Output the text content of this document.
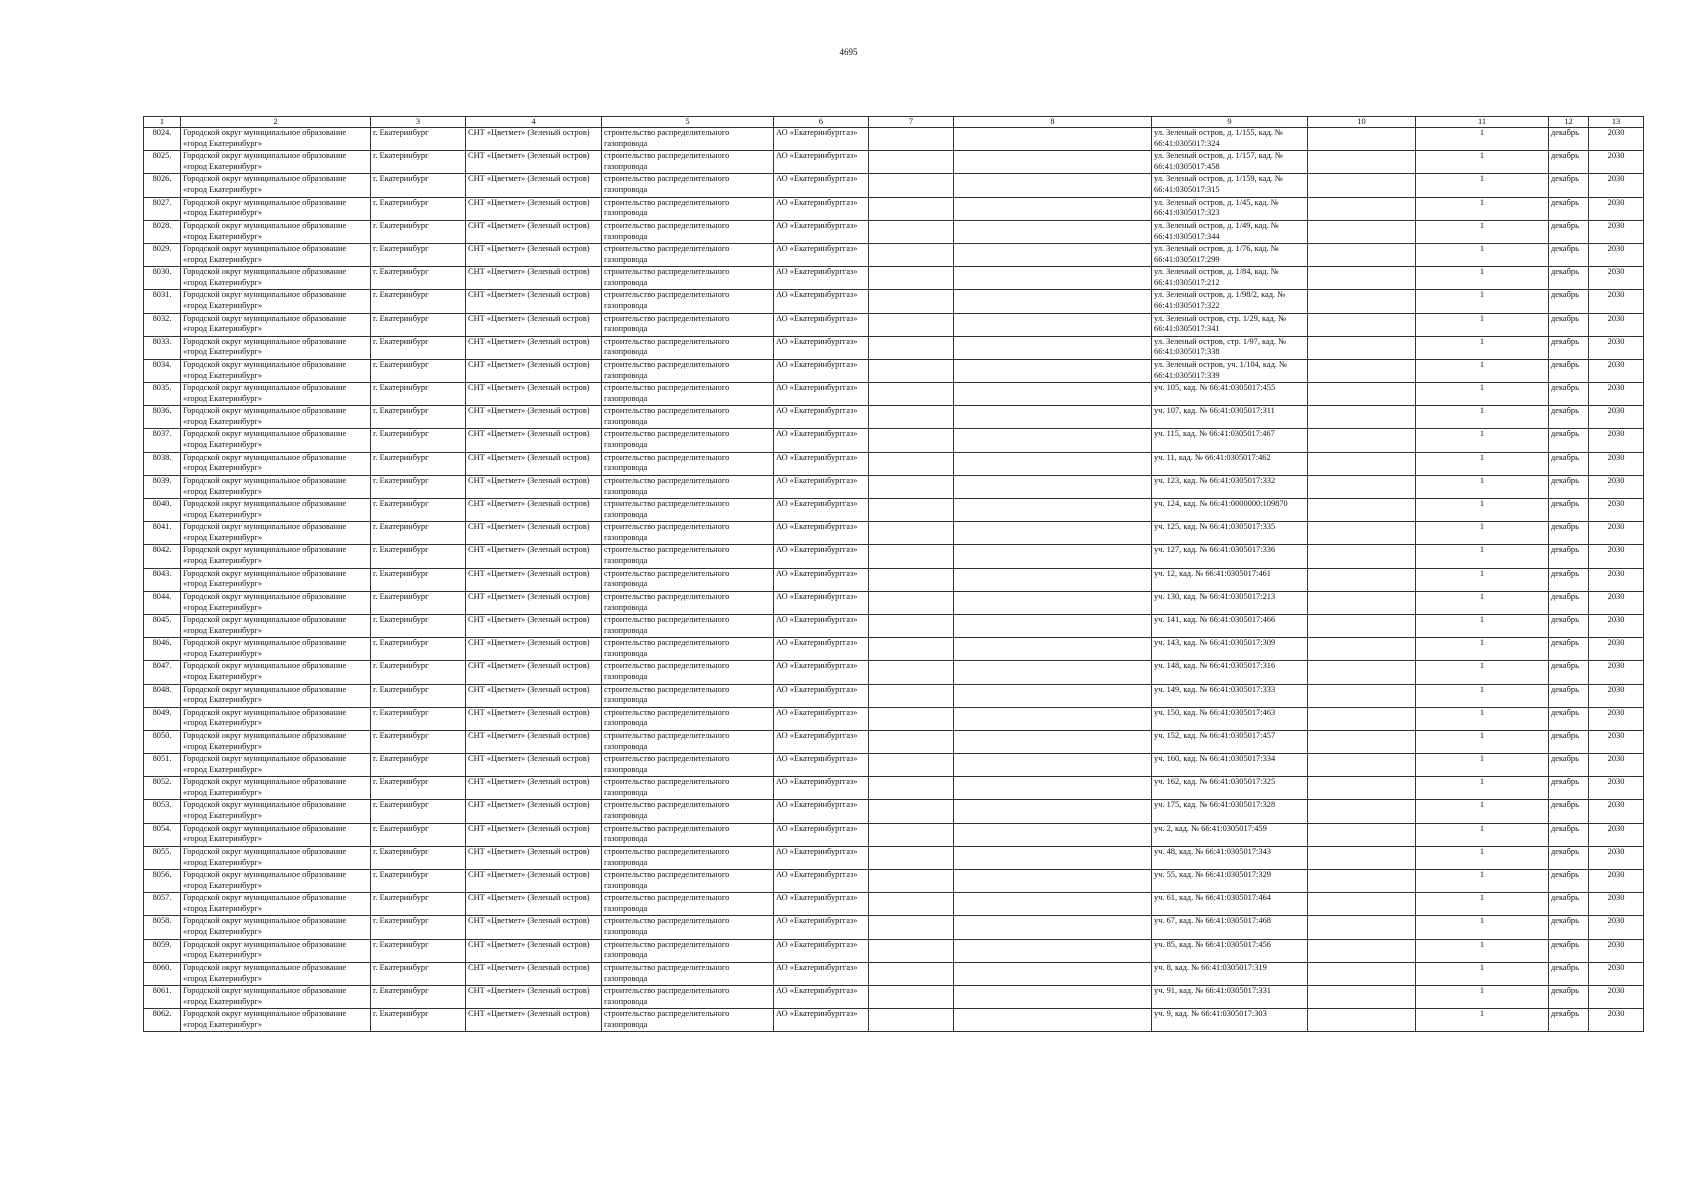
4695
1	2	3	4	5	6	7	8	9	10	11	12	13
8024.	Городской округ муниципальное образование «город Екатеринбург»	г. Екатеринбург	СНТ «Цветмет» (Зеленый остров)	строительство распределительного газопровода	АО «Екатеринбурггаз»			ул. Зеленый остров, д. 1/155, кад. № 66:41:0305017:324		1	декабрь	2030
8025.	Городской округ муниципальное образование «город Екатеринбург»	г. Екатеринбург	СНТ «Цветмет» (Зеленый остров)	строительство распределительного газопровода	АО «Екатеринбурггаз»			ул. Зеленый остров, д. 1/157, кад. № 66:41:0305017:458		1	декабрь	2030
8026.	Городской округ муниципальное образование «город Екатеринбург»	г. Екатеринбург	СНТ «Цветмет» (Зеленый остров)	строительство распределительного газопровода	АО «Екатеринбурггаз»			ул. Зеленый остров, д. 1/159, кад. № 66:41:0305017:315		1	декабрь	2030
8027.	Городской округ муниципальное образование «город Екатеринбург»	г. Екатеринбург	СНТ «Цветмет» (Зеленый остров)	строительство распределительного газопровода	АО «Екатеринбурггаз»			ул. Зеленый остров, д. 1/45, кад. № 66:41:0305017:323		1	декабрь	2030
8028.	Городской округ муниципальное образование «город Екатеринбург»	г. Екатеринбург	СНТ «Цветмет» (Зеленый остров)	строительство распределительного газопровода	АО «Екатеринбурггаз»			ул. Зеленый остров, д. 1/49, кад. № 66:41:0305017:344		1	декабрь	2030
8029.	Городской округ муниципальное образование «город Екатеринбург»	г. Екатеринбург	СНТ «Цветмет» (Зеленый остров)	строительство распределительного газопровода	АО «Екатеринбурггаз»			ул. Зеленый остров, д. 1/76, кад. № 66:41:0305017:299		1	декабрь	2030
8030.	Городской округ муниципальное образование «город Екатеринбург»	г. Екатеринбург	СНТ «Цветмет» (Зеленый остров)	строительство распределительного газопровода	АО «Екатеринбурггаз»			ул. Зеленый остров, д. 1/84, кад. № 66:41:0305017:212		1	декабрь	2030
8031.	Городской округ муниципальное образование «город Екатеринбург»	г. Екатеринбург	СНТ «Цветмет» (Зеленый остров)	строительство распределительного газопровода	АО «Екатеринбурггаз»			ул. Зеленый остров, д. 1/98/2, кад. № 66:41:0305017:322		1	декабрь	2030
8032.	Городской округ муниципальное образование «город Екатеринбург»	г. Екатеринбург	СНТ «Цветмет» (Зеленый остров)	строительство распределительного газопровода	АО «Екатеринбурггаз»			ул. Зеленый остров, стр. 1/29, кад. № 66:41:0305017:341		1	декабрь	2030
8033.	Городской округ муниципальное образование «город Екатеринбург»	г. Екатеринбург	СНТ «Цветмет» (Зеленый остров)	строительство распределительного газопровода	АО «Екатеринбурггаз»			ул. Зеленый остров, стр. 1/97, кад. № 66:41:0305017:338		1	декабрь	2030
8034.	Городской округ муниципальное образование «город Екатеринбург»	г. Екатеринбург	СНТ «Цветмет» (Зеленый остров)	строительство распределительного газопровода	АО «Екатеринбурггаз»			ул. Зеленый остров, уч. 1/104, кад. № 66:41:0305017:339		1	декабрь	2030
8035.	Городской округ муниципальное образование «город Екатеринбург»	г. Екатеринбург	СНТ «Цветмет» (Зеленый остров)	строительство распределительного газопровода	АО «Екатеринбурггаз»			уч. 105, кад. № 66:41:0305017:455		1	декабрь	2030
8036.	Городской округ муниципальное образование «город Екатеринбург»	г. Екатеринбург	СНТ «Цветмет» (Зеленый остров)	строительство распределительного газопровода	АО «Екатеринбурггаз»			уч. 107, кад. № 66:41:0305017:311		1	декабрь	2030
8037.	Городской округ муниципальное образование «город Екатеринбург»	г. Екатеринбург	СНТ «Цветмет» (Зеленый остров)	строительство распределительного газопровода	АО «Екатеринбурггаз»			уч. 115, кад. № 66:41:0305017:467		1	декабрь	2030
8038.	Городской округ муниципальное образование «город Екатеринбург»	г. Екатеринбург	СНТ «Цветмет» (Зеленый остров)	строительство распределительного газопровода	АО «Екатеринбурггаз»			уч. 11, кад. № 66:41:0305017:462		1	декабрь	2030
8039.	Городской округ муниципальное образование «город Екатеринбург»	г. Екатеринбург	СНТ «Цветмет» (Зеленый остров)	строительство распределительного газопровода	АО «Екатеринбурггаз»			уч. 123, кад. № 66:41:0305017:332		1	декабрь	2030
8040.	Городской округ муниципальное образование «город Екатеринбург»	г. Екатеринбург	СНТ «Цветмет» (Зеленый остров)	строительство распределительного газопровода	АО «Екатеринбурггаз»			уч. 124, кад. № 66:41:0000000:109870		1	декабрь	2030
8041.	Городской округ муниципальное образование «город Екатеринбург»	г. Екатеринбург	СНТ «Цветмет» (Зеленый остров)	строительство распределительного газопровода	АО «Екатеринбурггаз»			уч. 125, кад. № 66:41:0305017:335		1	декабрь	2030
8042.	Городской округ муниципальное образование «город Екатеринбург»	г. Екатеринбург	СНТ «Цветмет» (Зеленый остров)	строительство распределительного газопровода	АО «Екатеринбурггаз»			уч. 127, кад. № 66:41:0305017:336		1	декабрь	2030
8043.	Городской округ муниципальное образование «город Екатеринбург»	г. Екатеринбург	СНТ «Цветмет» (Зеленый остров)	строительство распределительного газопровода	АО «Екатеринбурггаз»			уч. 12, кад. № 66:41:0305017:461		1	декабрь	2030
8044.	Городской округ муниципальное образование «город Екатеринбург»	г. Екатеринбург	СНТ «Цветмет» (Зеленый остров)	строительство распределительного газопровода	АО «Екатеринбурггаз»			уч. 130, кад. № 66:41:0305017:213		1	декабрь	2030
8045.	Городской округ муниципальное образование «город Екатеринбург»	г. Екатеринбург	СНТ «Цветмет» (Зеленый остров)	строительство распределительного газопровода	АО «Екатеринбурггаз»			уч. 141, кад. № 66:41:0305017:466		1	декабрь	2030
8046.	Городской округ муниципальное образование «город Екатеринбург»	г. Екатеринбург	СНТ «Цветмет» (Зеленый остров)	строительство распределительного газопровода	АО «Екатеринбурггаз»			уч. 143, кад. № 66:41:0305017:309		1	декабрь	2030
8047.	Городской округ муниципальное образование «город Екатеринбург»	г. Екатеринбург	СНТ «Цветмет» (Зеленый остров)	строительство распределительного газопровода	АО «Екатеринбурггаз»			уч. 148, кад. № 66:41:0305017:316		1	декабрь	2030
8048.	Городской округ муниципальное образование «город Екатеринбург»	г. Екатеринбург	СНТ «Цветмет» (Зеленый остров)	строительство распределительного газопровода	АО «Екатеринбурггаз»			уч. 149, кад. № 66:41:0305017:333		1	декабрь	2030
8049.	Городской округ муниципальное образование «город Екатеринбург»	г. Екатеринбург	СНТ «Цветмет» (Зеленый остров)	строительство распределительного газопровода	АО «Екатеринбурггаз»			уч. 150, кад. № 66:41:0305017:463		1	декабрь	2030
8050.	Городской округ муниципальное образование «город Екатеринбург»	г. Екатеринбург	СНТ «Цветмет» (Зеленый остров)	строительство распределительного газопровода	АО «Екатеринбурггаз»			уч. 152, кад. № 66:41:0305017:457		1	декабрь	2030
8051.	Городской округ муниципальное образование «город Екатеринбург»	г. Екатеринбург	СНТ «Цветмет» (Зеленый остров)	строительство распределительного газопровода	АО «Екатеринбурггаз»			уч. 160, кад. № 66:41:0305017:334		1	декабрь	2030
8052.	Городской округ муниципальное образование «город Екатеринбург»	г. Екатеринбург	СНТ «Цветмет» (Зеленый остров)	строительство распределительного газопровода	АО «Екатеринбурггаз»			уч. 162, кад. № 66:41:0305017:325		1	декабрь	2030
8053.	Городской округ муниципальное образование «город Екатеринбург»	г. Екатеринбург	СНТ «Цветмет» (Зеленый остров)	строительство распределительного газопровода	АО «Екатеринбурггаз»			уч. 175, кад. № 66:41:0305017:328		1	декабрь	2030
8054.	Городской округ муниципальное образование «город Екатеринбург»	г. Екатеринбург	СНТ «Цветмет» (Зеленый остров)	строительство распределительного газопровода	АО «Екатеринбурггаз»			уч. 2, кад. № 66:41:0305017:459		1	декабрь	2030
8055.	Городской округ муниципальное образование «город Екатеринбург»	г. Екатеринбург	СНТ «Цветмет» (Зеленый остров)	строительство распределительного газопровода	АО «Екатеринбурггаз»			уч. 48, кад. № 66:41:0305017:343		1	декабрь	2030
8056.	Городской округ муниципальное образование «город Екатеринбург»	г. Екатеринбург	СНТ «Цветмет» (Зеленый остров)	строительство распределительного газопровода	АО «Екатеринбурггаз»			уч. 55, кад. № 66:41:0305017:329		1	декабрь	2030
8057.	Городской округ муниципальное образование «город Екатеринбург»	г. Екатеринбург	СНТ «Цветмет» (Зеленый остров)	строительство распределительного газопровода	АО «Екатеринбурггаз»			уч. 61, кад. № 66:41:0305017:464		1	декабрь	2030
8058.	Городской округ муниципальное образование «город Екатеринбург»	г. Екатеринбург	СНТ «Цветмет» (Зеленый остров)	строительство распределительного газопровода	АО «Екатеринбурггаз»			уч. 67, кад. № 66:41:0305017:468		1	декабрь	2030
8059.	Городской округ муниципальное образование «город Екатеринбург»	г. Екатеринбург	СНТ «Цветмет» (Зеленый остров)	строительство распределительного газопровода	АО «Екатеринбурггаз»			уч. 85, кад. № 66:41:0305017:456		1	декабрь	2030
8060.	Городской округ муниципальное образование «город Екатеринбург»	г. Екатеринбург	СНТ «Цветмет» (Зеленый остров)	строительство распределительного газопровода	АО «Екатеринбурггаз»			уч. 8, кад. № 66:41:0305017:319		1	декабрь	2030
8061.	Городской округ муниципальное образование «город Екатеринбург»	г. Екатеринбург	СНТ «Цветмет» (Зеленый остров)	строительство распределительного газопровода	АО «Екатеринбурггаз»			уч. 91, кад. № 66:41:0305017:331		1	декабрь	2030
8062.	Городской округ муниципальное образование «город Екатеринбург»	г. Екатеринбург	СНТ «Цветмет» (Зеленый остров)	строительство распределительного газопровода	АО «Екатеринбурггаз»			уч. 9, кад. № 66:41:0305017:303		1	декабрь	2030
